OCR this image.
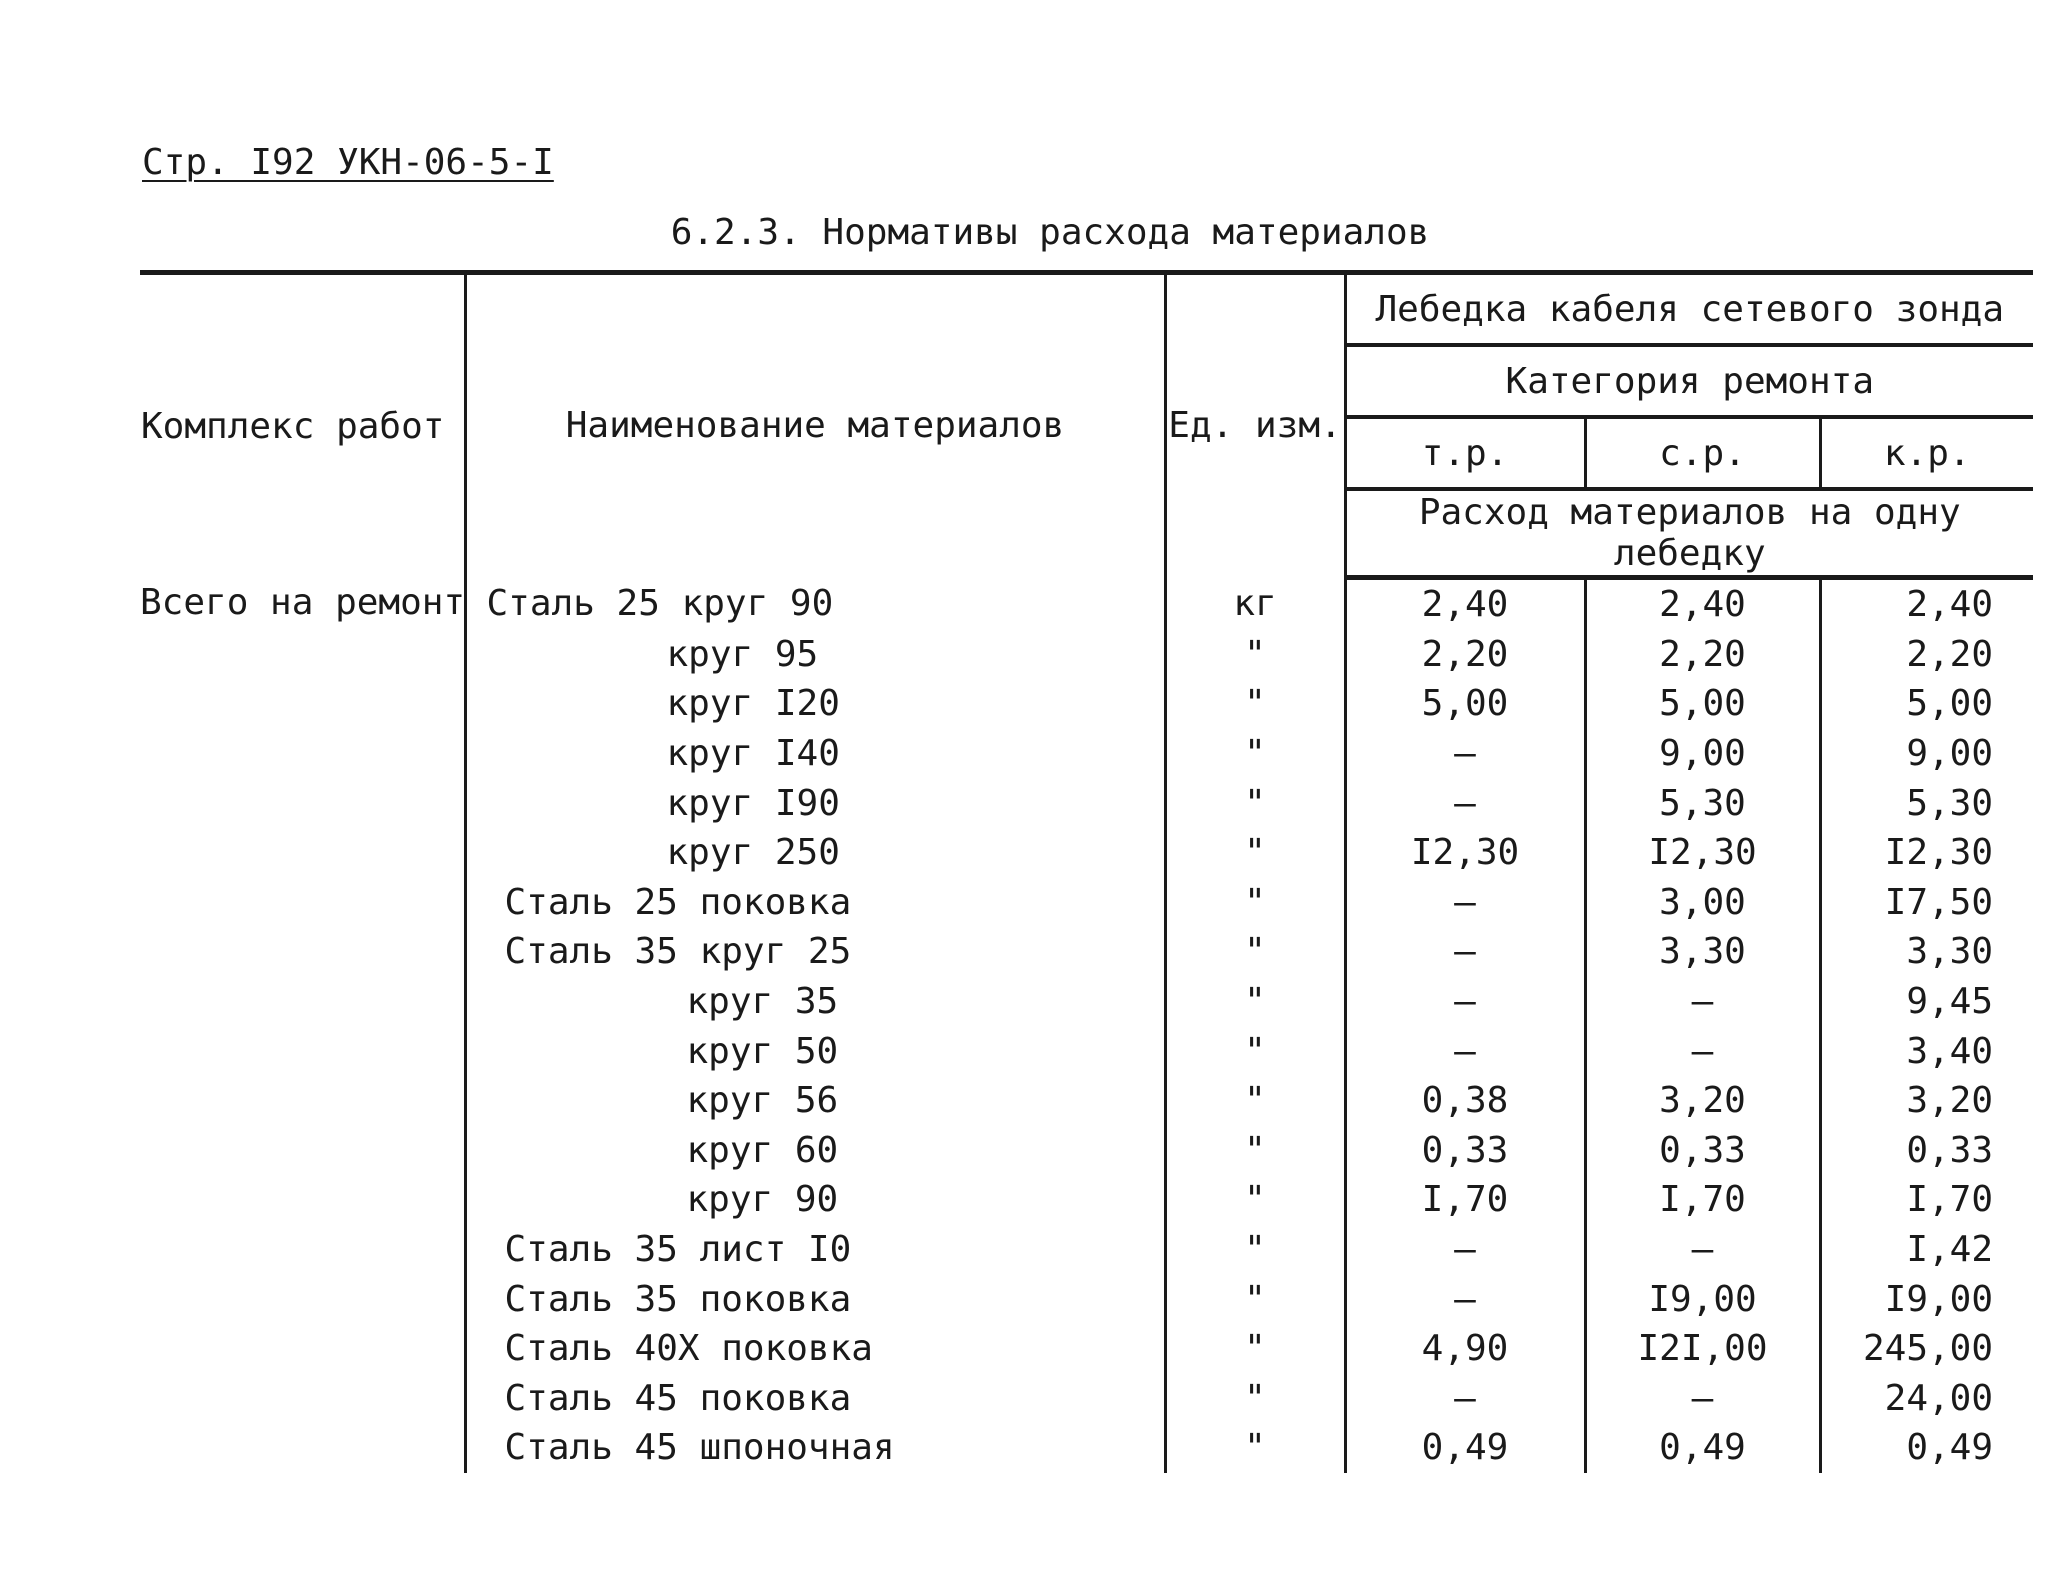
Стр. I92 УКН-06-5-I
6.2.3. Нормативы расхода материалов
Комплекс работ	Наименование материалов	Ед. изм.	Лебедка кабеля сетевого зонда		
			Категория ремонта		
			т.р.	с.р.	к.р.
			Расход материалов на одну лебедку		
Всего на ремонт	Сталь 25 круг 90	кг	2,40	2,40	2,40
	круг 95	"	2,20	2,20	2,20
	круг I20	"	5,00	5,00	5,00
	круг I40	"	–	9,00	9,00
	круг I90	"	–	5,30	5,30
	круг 250	"	I2,30	I2,30	I2,30
	Сталь 25 поковка	"	–	3,00	I7,50
	Сталь 35 круг 25	"	–	3,30	3,30
	круг 35	"	–	–	9,45
	круг 50	"	–	–	3,40
	круг 56	"	0,38	3,20	3,20
	круг 60	"	0,33	0,33	0,33
	круг 90	"	I,70	I,70	I,70
	Сталь 35 лист I0	"	–	–	I,42
	Сталь 35 поковка	"	–	I9,00	I9,00
	Сталь 40Х поковка	"	4,90	I2I,00	245,00
	Сталь 45 поковка	"	–	–	24,00
	Сталь 45 шпоночная	"	0,49	0,49	0,49
